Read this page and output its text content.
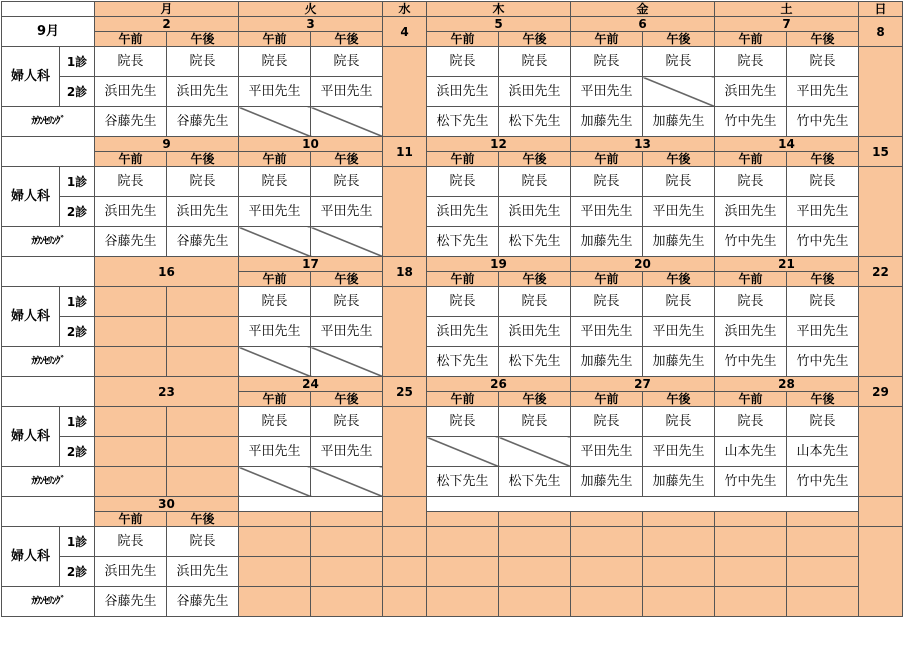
		月		火		水	木		金		土		日
9月		2		3		4	5		6		7		8
		午前	午後	午前	午後		午前	午後	午前	午後	午前	午後	
婦人科	1診	院長	院長	院長	院長		院長	院長	院長	院長	院長	院長	
	2診	浜田先生	浜田先生	平田先生	平田先生		浜田先生	浜田先生	平田先生		浜田先生	平田先生	
ｶｳﾝｾﾘﾝｸﾞ		谷藤先生	谷藤先生				松下先生	松下先生	加藤先生	加藤先生	竹中先生	竹中先生	
		9		10		11	12		13		14		15
		午前	午後	午前	午後		午前	午後	午前	午後	午前	午後	
婦人科	1診	院長	院長	院長	院長		院長	院長	院長	院長	院長	院長	
	2診	浜田先生	浜田先生	平田先生	平田先生		浜田先生	浜田先生	平田先生	平田先生	浜田先生	平田先生	
ｶｳﾝｾﾘﾝｸﾞ		谷藤先生	谷藤先生				松下先生	松下先生	加藤先生	加藤先生	竹中先生	竹中先生	
		16		17		18	19		20		21		22
				午前	午後		午前	午後	午前	午後	午前	午後	
婦人科	1診			院長	院長		院長	院長	院長	院長	院長	院長	
	2診			平田先生	平田先生		浜田先生	浜田先生	平田先生	平田先生	浜田先生	平田先生	
ｶｳﾝｾﾘﾝｸﾞ							松下先生	松下先生	加藤先生	加藤先生	竹中先生	竹中先生	
		23		24		25	26		27		28		29
				午前	午後		午前	午後	午前	午後	午前	午後	
婦人科	1診			院長	院長		院長	院長	院長	院長	院長	院長	
	2診			平田先生	平田先生				平田先生	平田先生	山本先生	山本先生	
ｶｳﾝｾﾘﾝｸﾞ							松下先生	松下先生	加藤先生	加藤先生	竹中先生	竹中先生	
		30											
		午前	午後										
婦人科	1診	院長	院長										
	2診	浜田先生	浜田先生										
ｶｳﾝｾﾘﾝｸﾞ		谷藤先生	谷藤先生										
